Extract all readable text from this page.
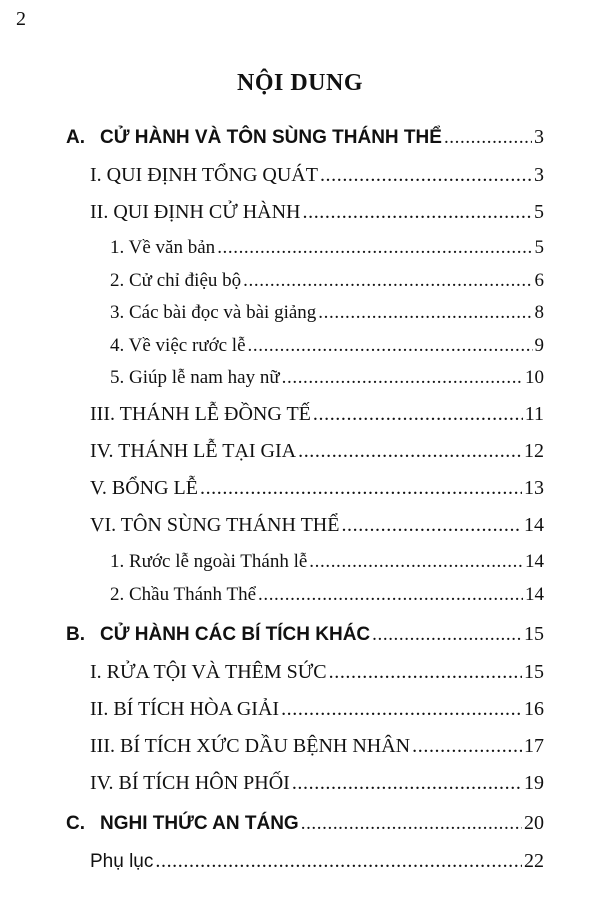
2
NỘI DUNG
A. CỬ HÀNH VÀ TÔN SÙNG THÁNH THỂ .....	3
I. QUI ĐỊNH TỔNG QUÁT .....	3
II. QUI ĐỊNH CỬ HÀNH .....	5
1. Về văn bản .....	5
2. Cử chỉ điệu bộ .....	6
3. Các bài đọc và bài giảng .....	8
4. Về việc rước lễ .....	9
5. Giúp lễ nam hay nữ .....	10
III. THÁNH LỄ ĐỒNG TẾ .....	11
IV. THÁNH LỄ TẠI GIA .....	12
V. BỔNG LỄ .....	13
VI. TÔN SÙNG THÁNH THỂ .....	14
1. Rước lễ ngoài Thánh lễ .....	14
2. Chầu Thánh Thể .....	14
B. CỬ HÀNH CÁC BÍ TÍCH KHÁC .....	15
I. RỬA TỘI VÀ THÊM SỨC .....	15
II. BÍ TÍCH HÒA GIẢI .....	16
III. BÍ TÍCH XỨC DẦU BỆNH NHÂN .....	17
IV. BÍ TÍCH HÔN PHỐI .....	19
C. NGHI THỨC AN TÁNG .....	20
Phụ lục .....	22
